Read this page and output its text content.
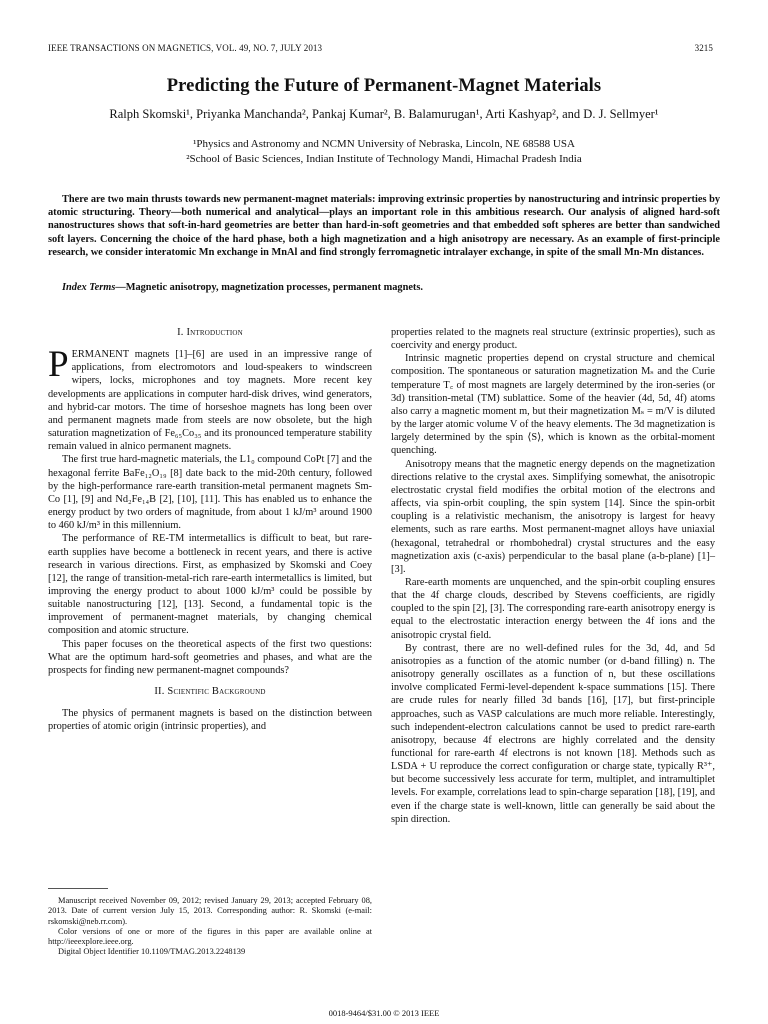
IEEE TRANSACTIONS ON MAGNETICS, VOL. 49, NO. 7, JULY 2013	3215
Predicting the Future of Permanent-Magnet Materials
Ralph Skomski¹, Priyanka Manchanda², Pankaj Kumar², B. Balamurugan¹, Arti Kashyap², and D. J. Sellmyer¹
¹Physics and Astronomy and NCMN University of Nebraska, Lincoln, NE 68588 USA
²School of Basic Sciences, Indian Institute of Technology Mandi, Himachal Pradesh India
There are two main thrusts towards new permanent-magnet materials: improving extrinsic properties by nanostructuring and intrinsic properties by atomic structuring. Theory—both numerical and analytical—plays an important role in this ambitious research. Our analysis of aligned hard-soft nanostructures shows that soft-in-hard geometries are better than hard-in-soft geometries and that embedded soft spheres are better than sandwiched soft layers. Concerning the choice of the hard phase, both a high magnetization and a high anisotropy are necessary. As an example of first-principle research, we consider interatomic Mn exchange in MnAl and find strongly ferromagnetic intralayer exchange, in spite of the small Mn-Mn distances.
Index Terms—Magnetic anisotropy, magnetization processes, permanent magnets.
I. Introduction

PERMANENT magnets [1]–[6] are used in an impressive range of applications, from electromotors and loud-speakers to windscreen wipers, locks, microphones and toy magnets. More recent key developments are applications in computer hard-disk drives, wind generators, and hybrid-car motors. The time of horseshoe magnets has long been over and permanent magnets made from steels are now obsolete, but the high saturation magnetization of Fe₆₅Co₃₅ and its pronounced temperature stability remain valued in alnico permanent magnets.

The first true hard-magnetic materials, the L1₀ compound CoPt [7] and the hexagonal ferrite BaFe₁₂O₁₉ [8] date back to the mid-20th century, followed by the high-performance rare-earth transition-metal permanent magnets Sm-Co [1], [9] and Nd₂Fe₁₄B [2], [10], [11]. This has enabled us to enhance the energy product by two orders of magnitude, from about 1 kJ/m³ around 1900 to 460 kJ/m³ in this millennium.

The performance of RE-TM intermetallics is difficult to beat, but rare-earth supplies have become a bottleneck in recent years, and there is active research in various directions. First, as emphasized by Skomski and Coey [12], the range of transition-metal-rich rare-earth intermetallics is limited, but improving the energy product to about 1000 kJ/m³ could be possible by suitable nanostructuring [12], [13]. Second, a fundamental topic is the improvement of permanent-magnet materials, by changing chemical composition and atomic structure.

This paper focuses on the theoretical aspects of the first two questions: What are the optimum hard-soft geometries and phases, and what are the prospects for finding new permanent-magnet compounds?

II. Scientific Background

The physics of permanent magnets is based on the distinction between properties of atomic origin (intrinsic properties), and

properties related to the magnets real structure (extrinsic properties), such as coercivity and energy product.

Intrinsic magnetic properties depend on crystal structure and chemical composition. The spontaneous or saturation magnetization Mₛ and the Curie temperature T꜀ of most magnets are largely determined by the iron-series (or 3d) transition-metal (TM) sublattice. Some of the heavier (4d, 5d, 4f) atoms also carry a magnetic moment m, but their magnetization Mₛ = m/V is diluted by the larger atomic volume V of the heavy elements. The 3d magnetization is largely determined by the spin ⟨S⟩, which is known as the orbital-moment quenching.

Anisotropy means that the magnetic energy depends on the magnetization directions relative to the crystal axes. Simplifying somewhat, the anisotropic electrostatic crystal field modifies the orbital motion of the electrons and affects, via spin-orbit coupling, the spin system [14]. Since the spin-orbit coupling is a relativistic mechanism, the anisotropy is largest for heavy elements, such as rare earths. Most permanent-magnet alloys have uniaxial (hexagonal, tetrahedral or rhombohedral) crystal structures and the easy magnetization axis (c-axis) perpendicular to the basal plane (a-b-plane) [1]–[3].

Rare-earth moments are unquenched, and the spin-orbit coupling ensures that the 4f charge clouds, described by Stevens coefficients, are rigidly coupled to the spin [2], [3]. The corresponding rare-earth anisotropy energy is equal to the electrostatic interaction energy between the 4f ions and the anisotropic crystal field.

By contrast, there are no well-defined rules for the 3d, 4d, and 5d anisotropies as a function of the atomic number (or d-band filling) n. The anisotropy generally oscillates as a function of n, but these oscillations involve complicated Fermi-level-dependent k-space summations [15]. There are crude rules for nearly filled 3d bands [16], [17], but first-principle approaches, such as VASP calculations are much more reliable. Interestingly, such independent-electron calculations cannot be used to predict rare-earth anisotropy, because 4f electrons are highly correlated and the density functional for rare-earth 4f electrons is not known [18]. Methods such as LSDA + U reproduce the correct configuration or charge state, typically R³⁺, but become successively less accurate for term, multiplet, and intramultiplet levels. For example, correlations lead to spin-charge separation [18], [19], and even if the charge state is well-known, little can generally be said about the spin direction.

Manuscript received November 09, 2012; revised January 29, 2013; accepted February 08, 2013. Date of current version July 15, 2013. Corresponding author: R. Skomski (e-mail: rskomski@neb.rr.com).

Color versions of one or more of the figures in this paper are available online at http://ieeexplore.ieee.org.

Digital Object Identifier 10.1109/TMAG.2013.2248139

0018-9464/$31.00 © 2013 IEEE
